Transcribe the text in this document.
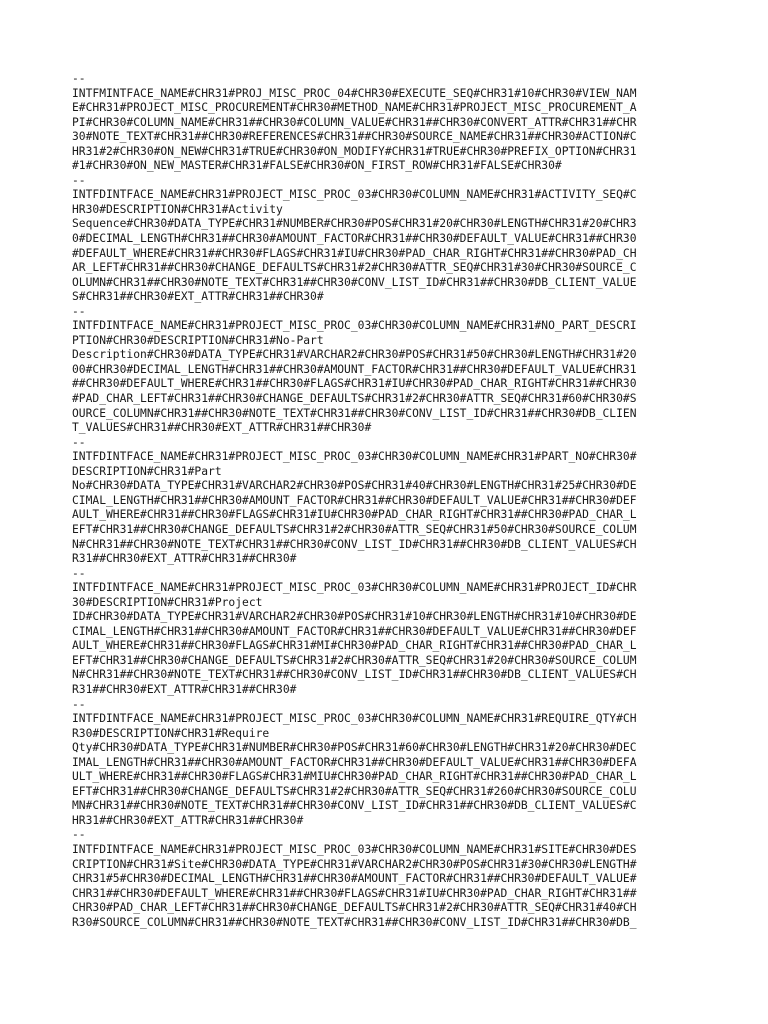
--
INTFMINTFACE_NAME#CHR31#PROJ_MISC_PROC_04#CHR30#EXECUTE_SEQ#CHR31#10#CHR30#VIEW_NAM
E#CHR31#PROJECT_MISC_PROCUREMENT#CHR30#METHOD_NAME#CHR31#PROJECT_MISC_PROCUREMENT_A
PI#CHR30#COLUMN_NAME#CHR31##CHR30#COLUMN_VALUE#CHR31##CHR30#CONVERT_ATTR#CHR31##CHR
30#NOTE_TEXT#CHR31##CHR30#REFERENCES#CHR31##CHR30#SOURCE_NAME#CHR31##CHR30#ACTION#C
HR31#2#CHR30#ON_NEW#CHR31#TRUE#CHR30#ON_MODIFY#CHR31#TRUE#CHR30#PREFIX_OPTION#CHR31
#1#CHR30#ON_NEW_MASTER#CHR31#FALSE#CHR30#ON_FIRST_ROW#CHR31#FALSE#CHR30#
--
INTFDINTFACE_NAME#CHR31#PROJECT_MISC_PROC_03#CHR30#COLUMN_NAME#CHR31#ACTIVITY_SEQ#C
HR30#DESCRIPTION#CHR31#Activity
Sequence#CHR30#DATA_TYPE#CHR31#NUMBER#CHR30#POS#CHR31#20#CHR30#LENGTH#CHR31#20#CHR3
0#DECIMAL_LENGTH#CHR31##CHR30#AMOUNT_FACTOR#CHR31##CHR30#DEFAULT_VALUE#CHR31##CHR30
#DEFAULT_WHERE#CHR31##CHR30#FLAGS#CHR31#IU#CHR30#PAD_CHAR_RIGHT#CHR31##CHR30#PAD_CH
AR_LEFT#CHR31##CHR30#CHANGE_DEFAULTS#CHR31#2#CHR30#ATTR_SEQ#CHR31#30#CHR30#SOURCE_C
OLUMN#CHR31##CHR30#NOTE_TEXT#CHR31##CHR30#CONV_LIST_ID#CHR31##CHR30#DB_CLIENT_VALUE
S#CHR31##CHR30#EXT_ATTR#CHR31##CHR30#
--
INTFDINTFACE_NAME#CHR31#PROJECT_MISC_PROC_03#CHR30#COLUMN_NAME#CHR31#NO_PART_DESCRI
PTION#CHR30#DESCRIPTION#CHR31#No-Part
Description#CHR30#DATA_TYPE#CHR31#VARCHAR2#CHR30#POS#CHR31#50#CHR30#LENGTH#CHR31#20
00#CHR30#DECIMAL_LENGTH#CHR31##CHR30#AMOUNT_FACTOR#CHR31##CHR30#DEFAULT_VALUE#CHR31
##CHR30#DEFAULT_WHERE#CHR31##CHR30#FLAGS#CHR31#IU#CHR30#PAD_CHAR_RIGHT#CHR31##CHR30
#PAD_CHAR_LEFT#CHR31##CHR30#CHANGE_DEFAULTS#CHR31#2#CHR30#ATTR_SEQ#CHR31#60#CHR30#S
OURCE_COLUMN#CHR31##CHR30#NOTE_TEXT#CHR31##CHR30#CONV_LIST_ID#CHR31##CHR30#DB_CLIEN
T_VALUES#CHR31##CHR30#EXT_ATTR#CHR31##CHR30#
--
INTFDINTFACE_NAME#CHR31#PROJECT_MISC_PROC_03#CHR30#COLUMN_NAME#CHR31#PART_NO#CHR30#
DESCRIPTION#CHR31#Part
No#CHR30#DATA_TYPE#CHR31#VARCHAR2#CHR30#POS#CHR31#40#CHR30#LENGTH#CHR31#25#CHR30#DE
CIMAL_LENGTH#CHR31##CHR30#AMOUNT_FACTOR#CHR31##CHR30#DEFAULT_VALUE#CHR31##CHR30#DEF
AULT_WHERE#CHR31##CHR30#FLAGS#CHR31#IU#CHR30#PAD_CHAR_RIGHT#CHR31##CHR30#PAD_CHAR_L
EFT#CHR31##CHR30#CHANGE_DEFAULTS#CHR31#2#CHR30#ATTR_SEQ#CHR31#50#CHR30#SOURCE_COLUM
N#CHR31##CHR30#NOTE_TEXT#CHR31##CHR30#CONV_LIST_ID#CHR31##CHR30#DB_CLIENT_VALUES#CH
R31##CHR30#EXT_ATTR#CHR31##CHR30#
--
INTFDINTFACE_NAME#CHR31#PROJECT_MISC_PROC_03#CHR30#COLUMN_NAME#CHR31#PROJECT_ID#CHR
30#DESCRIPTION#CHR31#Project
ID#CHR30#DATA_TYPE#CHR31#VARCHAR2#CHR30#POS#CHR31#10#CHR30#LENGTH#CHR31#10#CHR30#DE
CIMAL_LENGTH#CHR31##CHR30#AMOUNT_FACTOR#CHR31##CHR30#DEFAULT_VALUE#CHR31##CHR30#DEF
AULT_WHERE#CHR31##CHR30#FLAGS#CHR31#MI#CHR30#PAD_CHAR_RIGHT#CHR31##CHR30#PAD_CHAR_L
EFT#CHR31##CHR30#CHANGE_DEFAULTS#CHR31#2#CHR30#ATTR_SEQ#CHR31#20#CHR30#SOURCE_COLUM
N#CHR31##CHR30#NOTE_TEXT#CHR31##CHR30#CONV_LIST_ID#CHR31##CHR30#DB_CLIENT_VALUES#CH
R31##CHR30#EXT_ATTR#CHR31##CHR30#
--
INTFDINTFACE_NAME#CHR31#PROJECT_MISC_PROC_03#CHR30#COLUMN_NAME#CHR31#REQUIRE_QTY#CH
R30#DESCRIPTION#CHR31#Require
Qty#CHR30#DATA_TYPE#CHR31#NUMBER#CHR30#POS#CHR31#60#CHR30#LENGTH#CHR31#20#CHR30#DEC
IMAL_LENGTH#CHR31##CHR30#AMOUNT_FACTOR#CHR31##CHR30#DEFAULT_VALUE#CHR31##CHR30#DEFA
ULT_WHERE#CHR31##CHR30#FLAGS#CHR31#MIU#CHR30#PAD_CHAR_RIGHT#CHR31##CHR30#PAD_CHAR_L
EFT#CHR31##CHR30#CHANGE_DEFAULTS#CHR31#2#CHR30#ATTR_SEQ#CHR31#260#CHR30#SOURCE_COLU
MN#CHR31##CHR30#NOTE_TEXT#CHR31##CHR30#CONV_LIST_ID#CHR31##CHR30#DB_CLIENT_VALUES#C
HR31##CHR30#EXT_ATTR#CHR31##CHR30#
--
INTFDINTFACE_NAME#CHR31#PROJECT_MISC_PROC_03#CHR30#COLUMN_NAME#CHR31#SITE#CHR30#DES
CRIPTION#CHR31#Site#CHR30#DATA_TYPE#CHR31#VARCHAR2#CHR30#POS#CHR31#30#CHR30#LENGTH#
CHR31#5#CHR30#DECIMAL_LENGTH#CHR31##CHR30#AMOUNT_FACTOR#CHR31##CHR30#DEFAULT_VALUE#
CHR31##CHR30#DEFAULT_WHERE#CHR31##CHR30#FLAGS#CHR31#IU#CHR30#PAD_CHAR_RIGHT#CHR31##
CHR30#PAD_CHAR_LEFT#CHR31##CHR30#CHANGE_DEFAULTS#CHR31#2#CHR30#ATTR_SEQ#CHR31#40#CH
R30#SOURCE_COLUMN#CHR31##CHR30#NOTE_TEXT#CHR31##CHR30#CONV_LIST_ID#CHR31##CHR30#DB_
